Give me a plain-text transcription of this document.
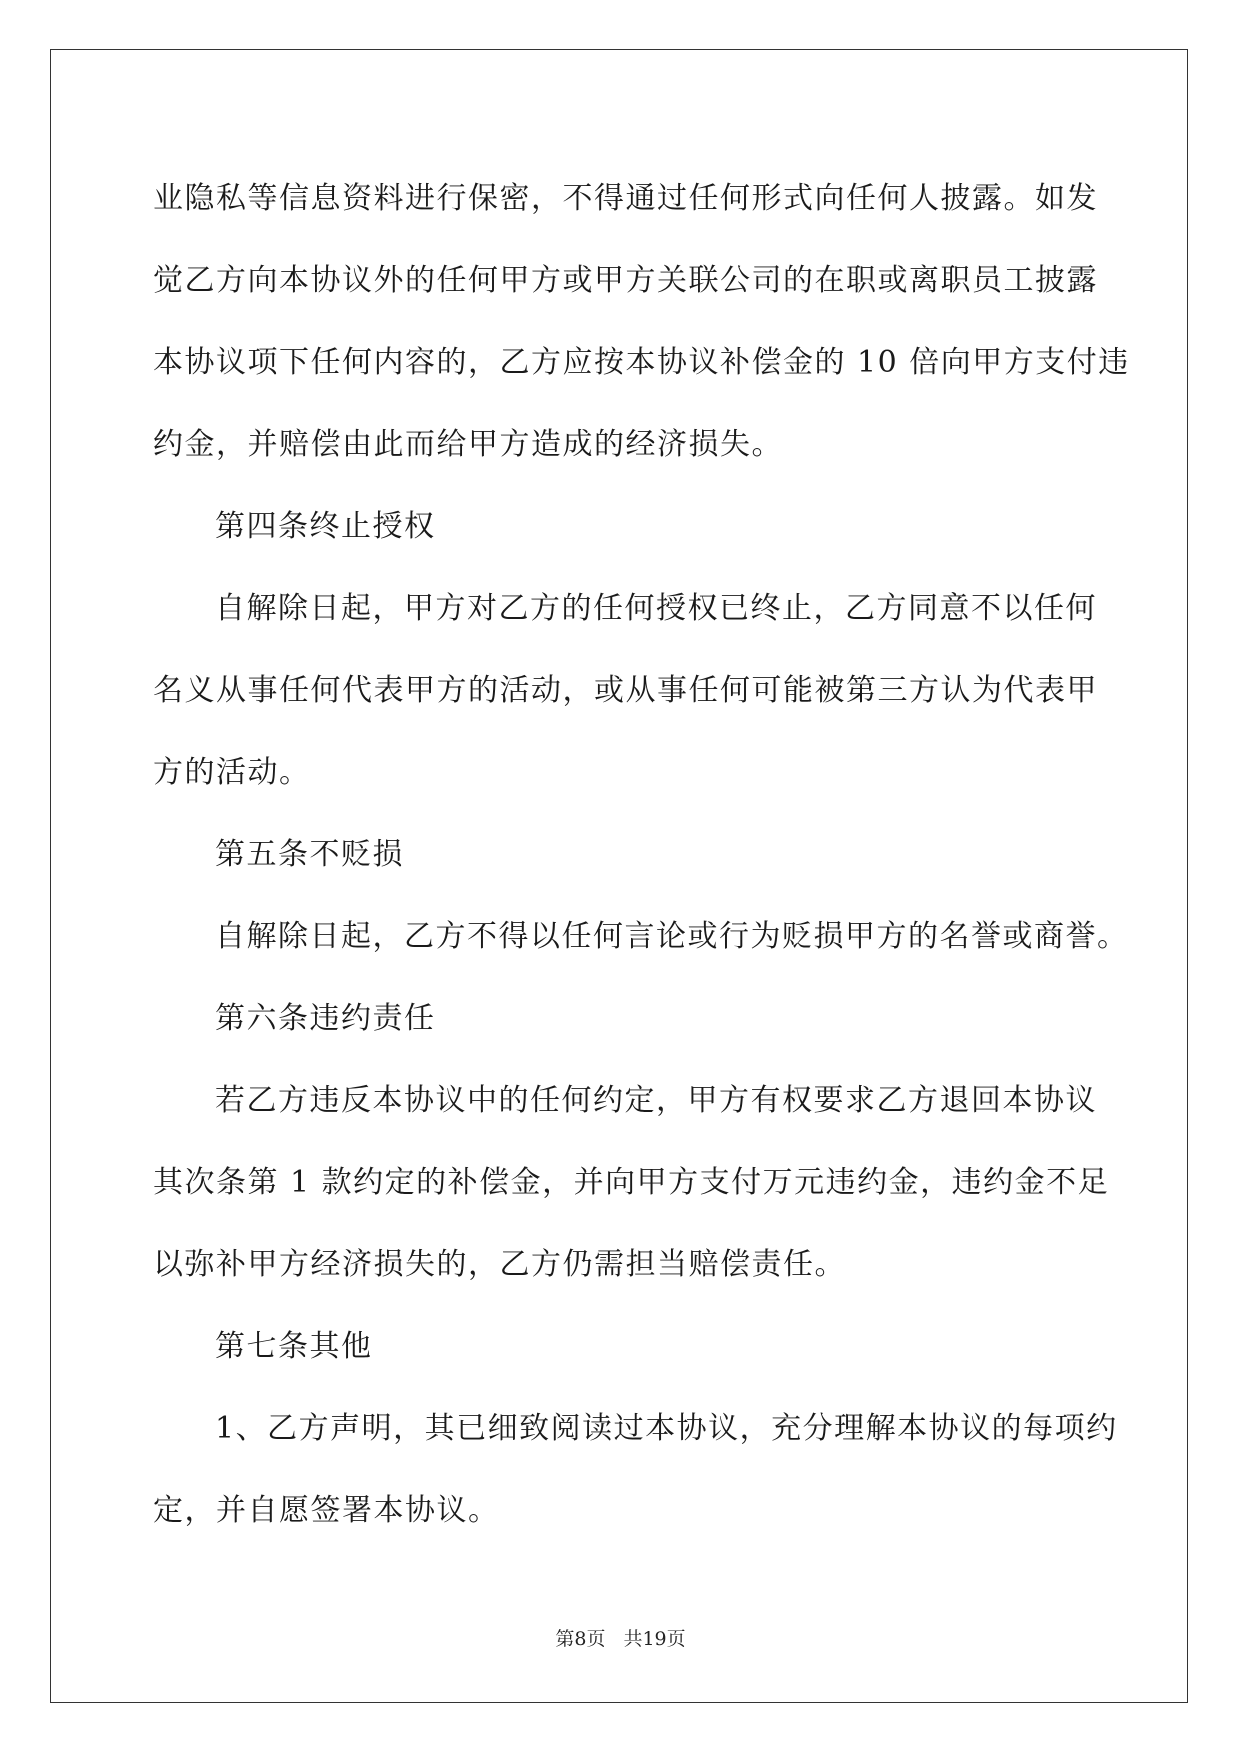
业隐私等信息资料进行保密，不得通过任何形式向任何人披露。如发
觉乙方向本协议外的任何甲方或甲方关联公司的在职或离职员工披露
本协议项下任何内容的，乙方应按本协议补偿金的 10 倍向甲方支付违
约金，并赔偿由此而给甲方造成的经济损失。
第四条终止授权
自解除日起，甲方对乙方的任何授权已终止，乙方同意不以任何
名义从事任何代表甲方的活动，或从事任何可能被第三方认为代表甲
方的活动。
第五条不贬损
自解除日起，乙方不得以任何言论或行为贬损甲方的名誉或商誉。
第六条违约责任
若乙方违反本协议中的任何约定，甲方有权要求乙方退回本协议
其次条第 1 款约定的补偿金，并向甲方支付万元违约金，违约金不足
以弥补甲方经济损失的，乙方仍需担当赔偿责任。
第七条其他
1、乙方声明，其已细致阅读过本协议，充分理解本协议的每项约
定，并自愿签署本协议。
第8页 共19页
